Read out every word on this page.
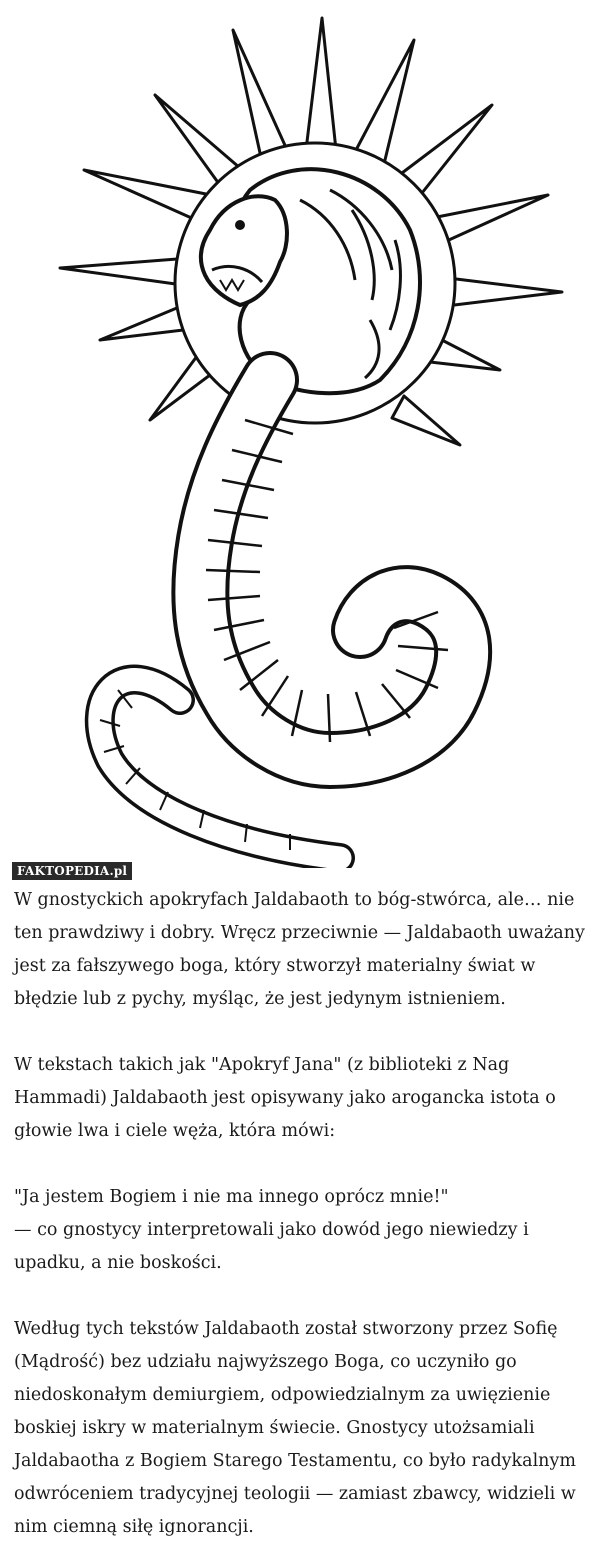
FAKTOPEDIA.pl

W gnostyckich apokryfach Jaldabaoth to bóg-stwórca, ale… nie ten prawdziwy i dobry. Wręcz przeciwnie — Jaldabaoth uważany jest za fałszywego boga, który stworzył materialny świat w błędzie lub z pychy, myśląc, że jest jedynym istnieniem.

W tekstach takich jak "Apokryf Jana" (z biblioteki z Nag Hammadi) Jaldabaoth jest opisywany jako arogancka istota o głowie lwa i ciele węża, która mówi:

"Ja jestem Bogiem i nie ma innego oprócz mnie!"
— co gnostycy interpretowali jako dowód jego niewiedzy i upadku, a nie boskości.

Według tych tekstów Jaldabaoth został stworzony przez Sofię (Mądrość) bez udziału najwyższego Boga, co uczyniło go niedoskonałym demiurgiem, odpowiedzialnym za uwięzienie boskiej iskry w materialnym świecie. Gnostycy utożsamiali Jaldabaotha z Bogiem Starego Testamentu, co było radykalnym odwróceniem tradycyjnej teologii — zamiast zbawcy, widzieli w nim ciemną siłę ignorancji.
